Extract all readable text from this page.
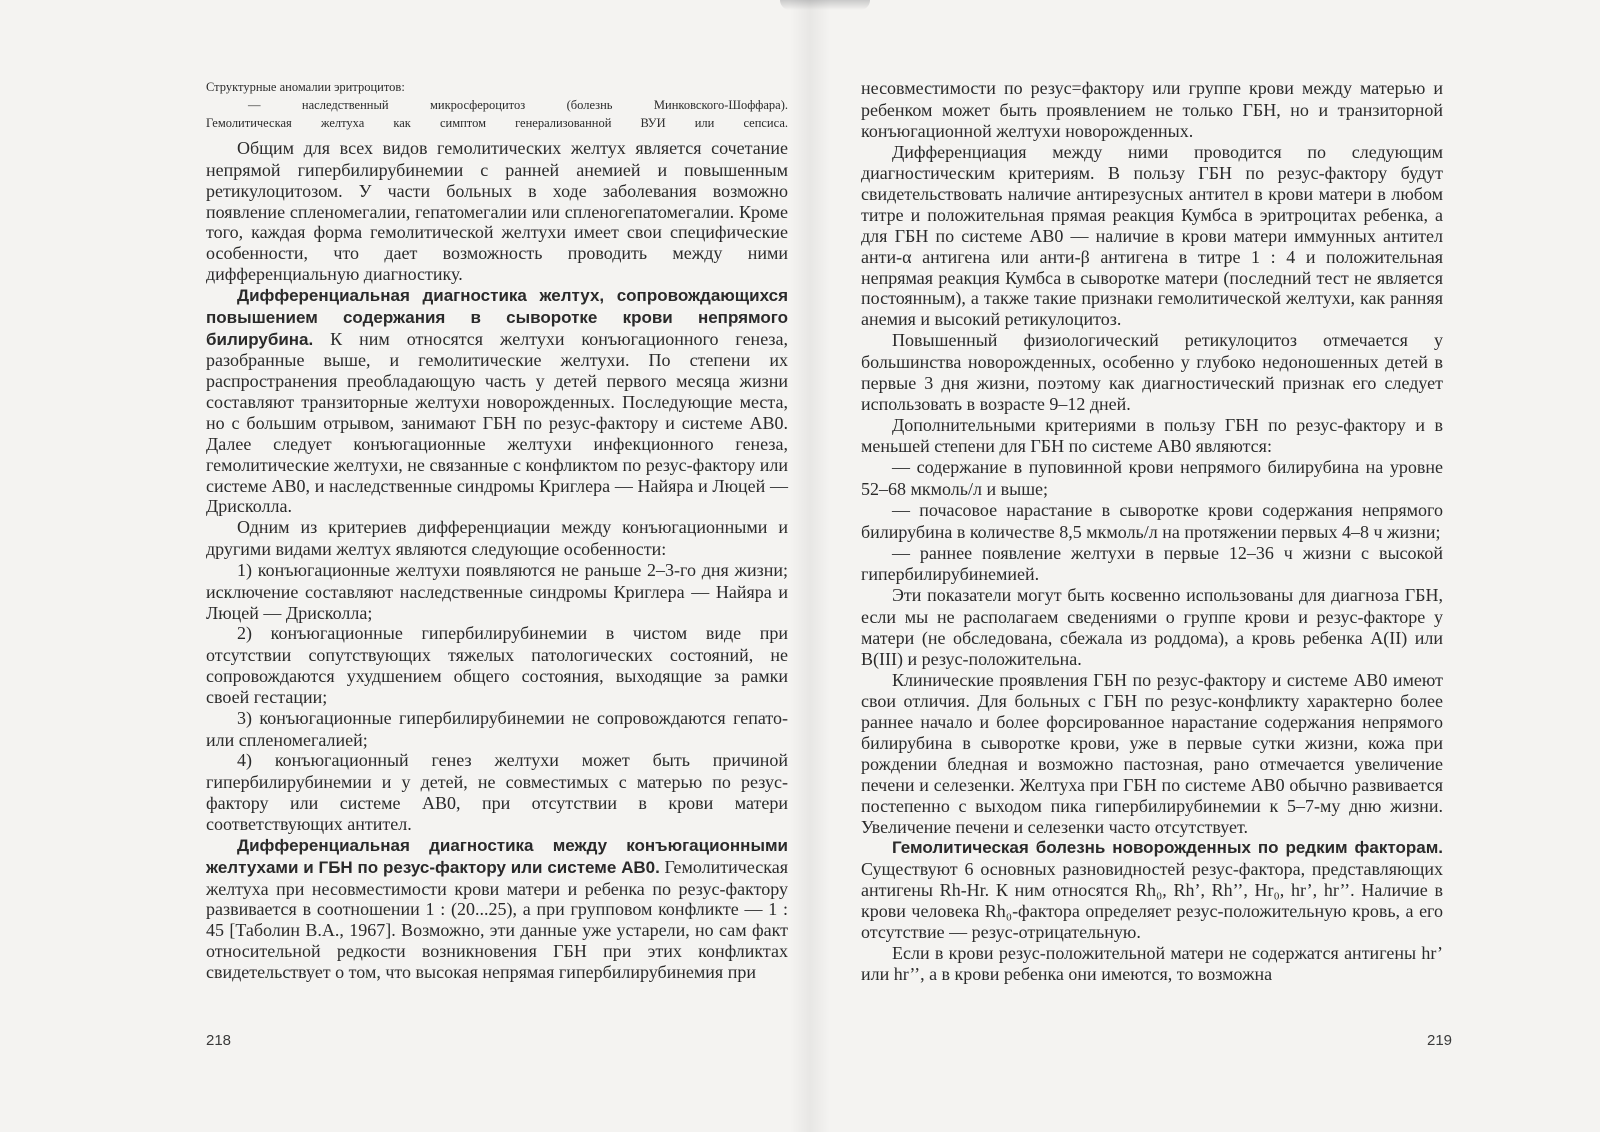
Структурные аномалии эритроцитов:
— наследственный микросфероцитоз (болезнь Минковского-Шоффара).
Гемолитическая желтуха как симптом генерализованной ВУИ или сепсиса.

Общим для всех видов гемолитических желтух является сочетание непрямой гипербилирубинемии с ранней анемией и повышенным ретикулоцитозом. У части больных в ходе заболевания возможно появление спленомегалии, гепатомегалии или спленогепатомегалии. Кроме того, каждая форма гемолитической желтухи имеет свои специфические особенности, что дает возможность проводить между ними дифференциальную диагностику.

Дифференциальная диагностика желтух, сопровождающихся повышением содержания в сыворотке крови непрямого билирубина. К ним относятся желтухи конъюгационного генеза, разобранные выше, и гемолитические желтухи. По степени их распространения преобладающую часть у детей первого месяца жизни составляют транзиторные желтухи новорожденных. Последующие места, но с большим отрывом, занимают ГБН по резус-фактору и системе АВ0. Далее следует конъюгационные желтухи инфекционного генеза, гемолитические желтухи, не связанные с конфликтом по резус-фактору или системе АВ0, и наследственные синдромы Криглера — Найяра и Люцей — Дрисколла.

Одним из критериев дифференциации между конъюгационными и другими видами желтух являются следующие особенности:

1) конъюгационные желтухи появляются не раньше 2–3-го дня жизни; исключение составляют наследственные синдромы Криглера — Найяра и Люцей — Дрисколла;

2) конъюгационные гипербилирубинемии в чистом виде при отсутствии сопутствующих тяжелых патологических состояний, не сопровождаются ухудшением общего состояния, выходящие за рамки своей гестации;

3) конъюгационные гипербилирубинемии не сопровождаются гепато- или спленомегалией;

4) конъюгационный генез желтухи может быть причиной гипербилирубинемии и у детей, не совместимых с матерью по резус-фактору или системе АВ0, при отсутствии в крови матери соответствующих антител.

Дифференциальная диагностика между конъюгационными желтухами и ГБН по резус-фактору или системе АВ0. Гемолитическая желтуха при несовместимости крови матери и ребенка по резус-фактору развивается в соотношении 1 : (20...25), а при групповом конфликте — 1 : 45 [Таболин В.А., 1967]. Возможно, эти данные уже устарели, но сам факт относительной редкости возникновения ГБН при этих конфликтах свидетельствует о том, что высокая непрямая гипербилирубинемия при

218

несовместимости по резус=фактору или группе крови между матерью и ребенком может быть проявлением не только ГБН, но и транзиторной конъюгационной желтухи новорожденных.

Дифференциация между ними проводится по следующим диагностическим критериям. В пользу ГБН по резус-фактору будут свидетельствовать наличие антирезусных антител в крови матери в любом титре и положительная прямая реакция Кумбса в эритроцитах ребенка, а для ГБН по системе АВ0 — наличие в крови матери иммунных антител анти-α антигена или анти-β антигена в титре 1 : 4 и положительная непрямая реакция Кумбса в сыворотке матери (последний тест не является постоянным), а также такие признаки гемолитической желтухи, как ранняя анемия и высокий ретикулоцитоз.

Повышенный физиологический ретикулоцитоз отмечается у большинства новорожденных, особенно у глубоко недоношенных детей в первые 3 дня жизни, поэтому как диагностический признак его следует использовать в возрасте 9–12 дней.

Дополнительными критериями в пользу ГБН по резус-фактору и в меньшей степени для ГБН по системе АВ0 являются:

— содержание в пуповинной крови непрямого билирубина на уровне 52–68 мкмоль/л и выше;

— почасовое нарастание в сыворотке крови содержания непрямого билирубина в количестве 8,5 мкмоль/л на протяжении первых 4–8 ч жизни;

— раннее появление желтухи в первые 12–36 ч жизни с высокой гипербилирубинемией.

Эти показатели могут быть косвенно использованы для диагноза ГБН, если мы не располагаем сведениями о группе крови и резус-факторе у матери (не обследована, сбежала из роддома), а кровь ребенка A(II) или B(III) и резус-положительна.

Клинические проявления ГБН по резус-фактору и системе АВ0 имеют свои отличия. Для больных с ГБН по резус-конфликту характерно более раннее начало и более форсированное нарастание содержания непрямого билирубина в сыворотке крови, уже в первые сутки жизни, кожа при рождении бледная и возможно пастозная, рано отмечается увеличение печени и селезенки. Желтуха при ГБН по системе АВ0 обычно развивается постепенно с выходом пика гипербилирубинемии к 5–7-му дню жизни. Увеличение печени и селезенки часто отсутствует.

Гемолитическая болезнь новорожденных по редким факторам. Существуют 6 основных разновидностей резус-фактора, представляющих антигены Rh-Hr. К ним относятся Rh₀, Rh’, Rh’’, Hr₀, hr’, hr’’. Наличие в крови человека Rh₀-фактора определяет резус-положительную кровь, а его отсутствие — резус-отрицательную.

Если в крови резус-положительной матери не содержатся антигены hr’ или hr’’, а в крови ребенка они имеются, то возможна

219
